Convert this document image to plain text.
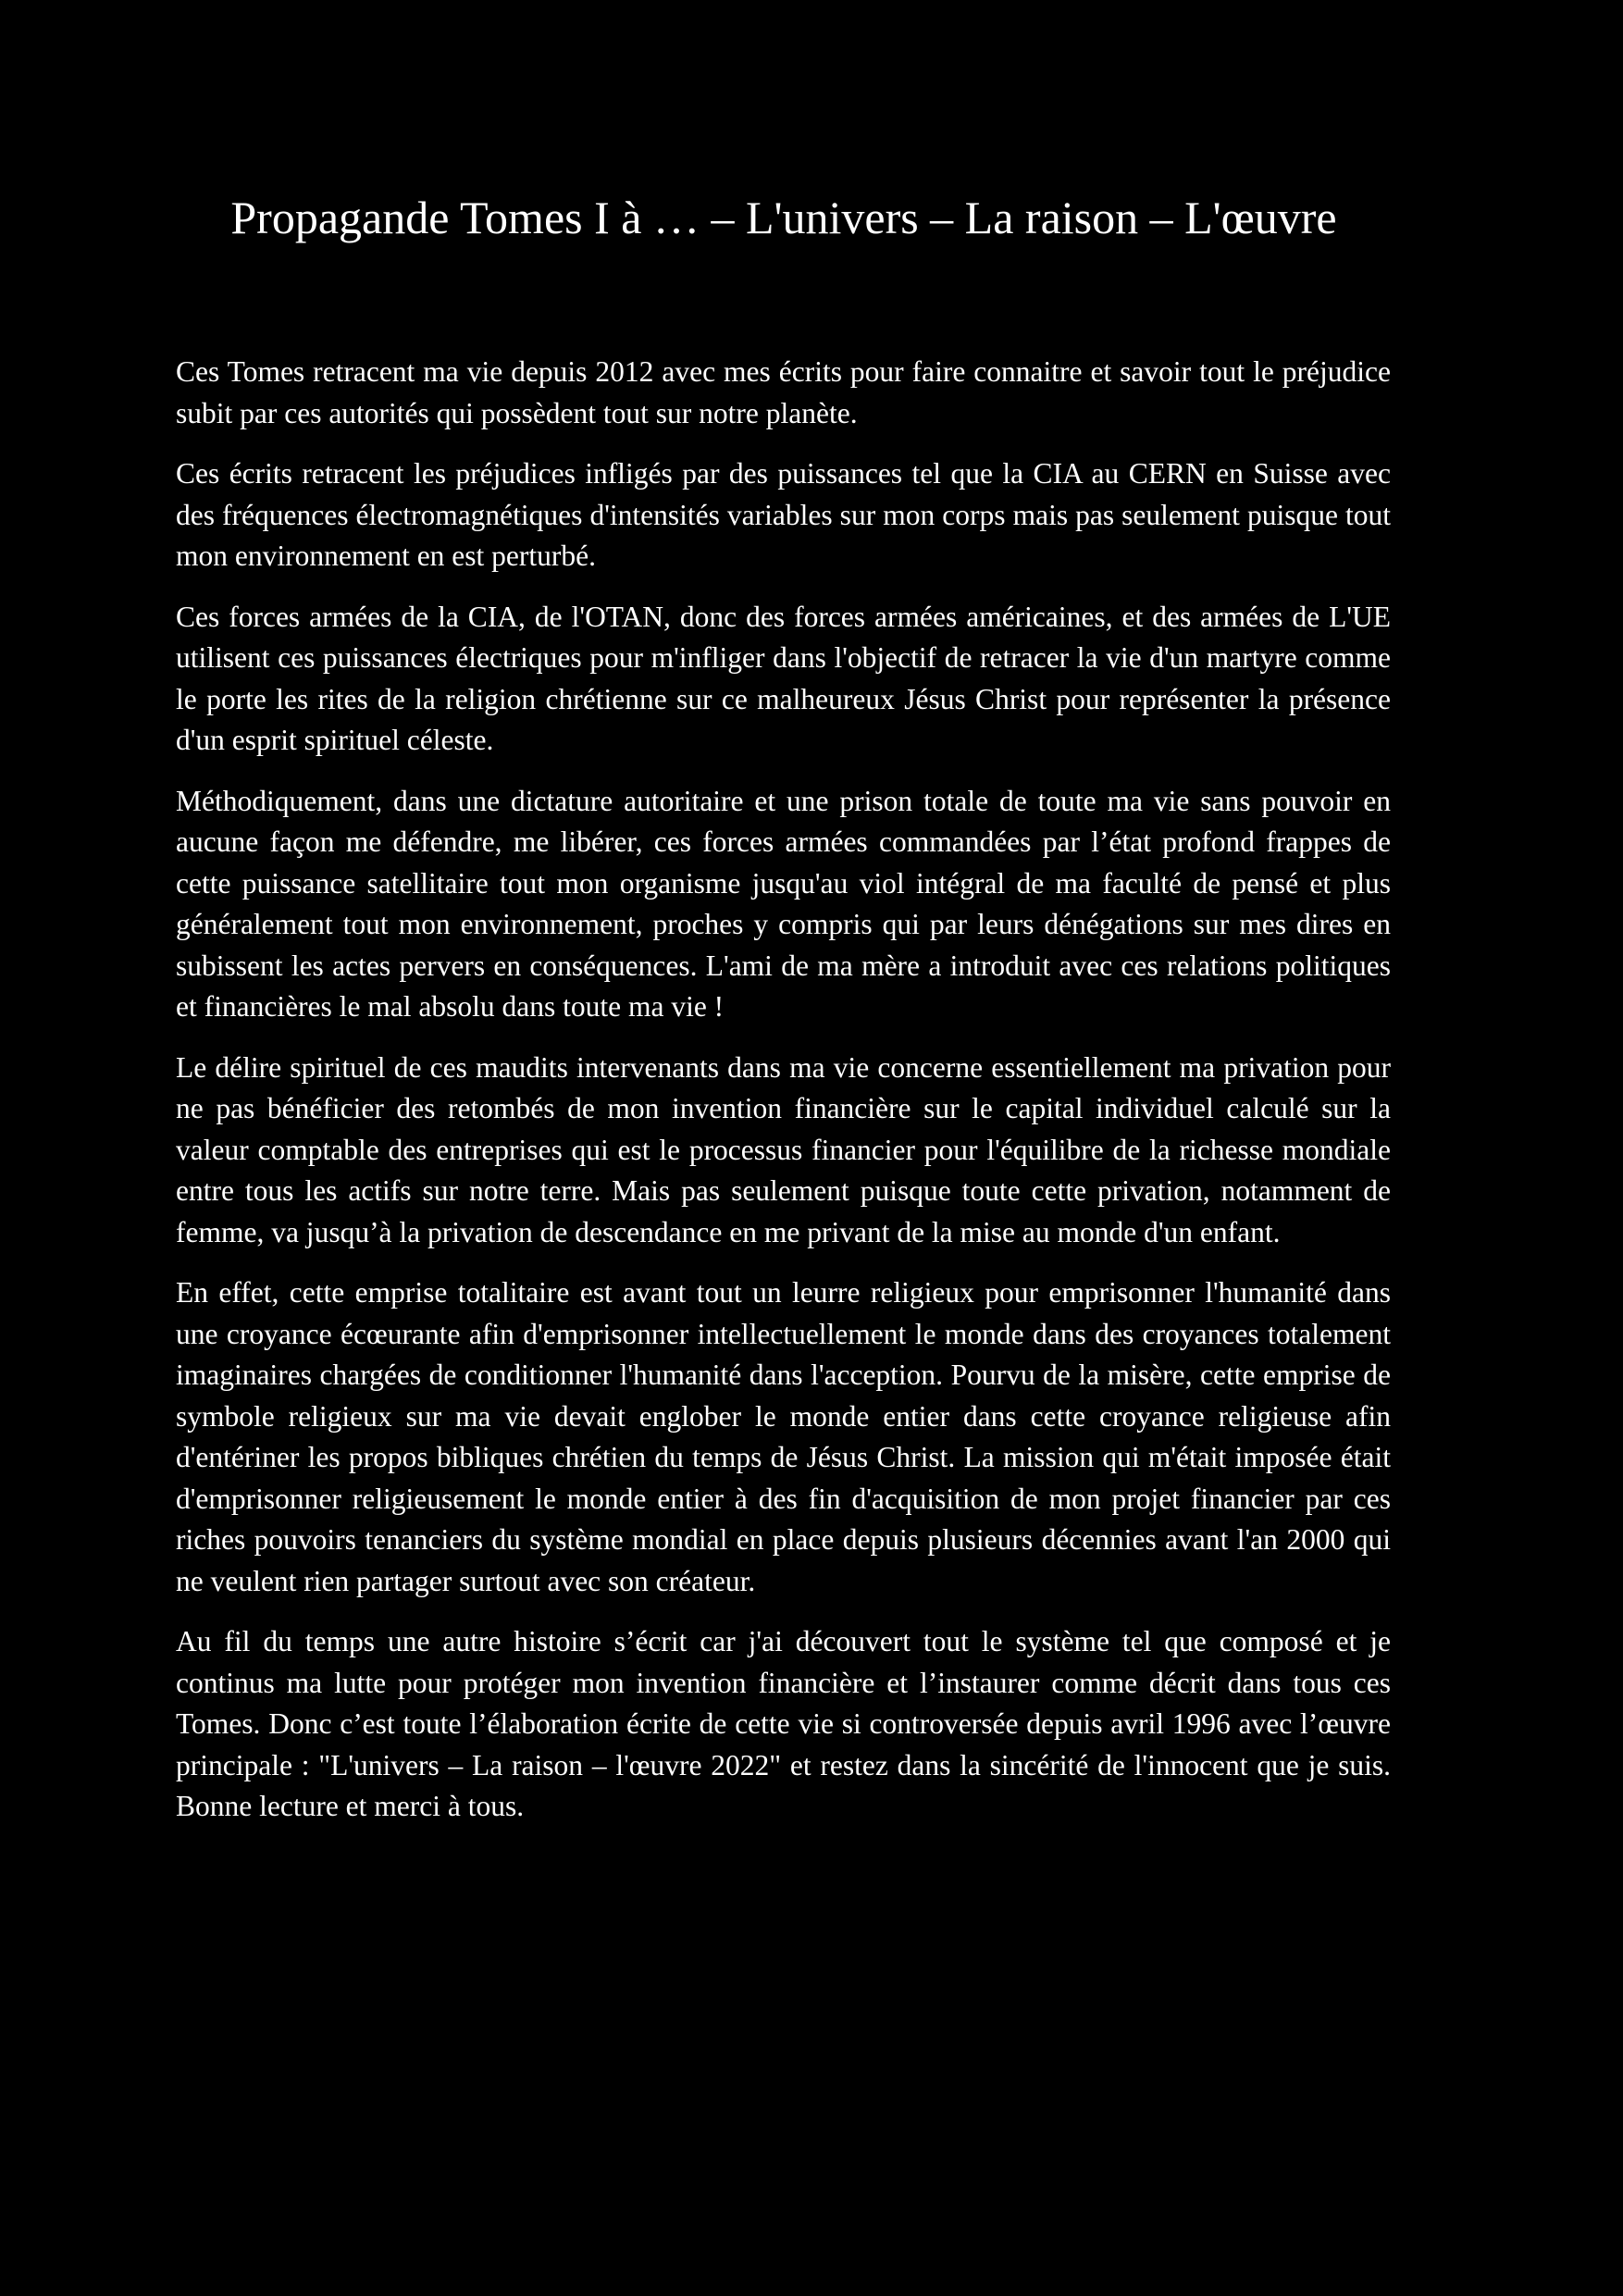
Propagande Tomes I à … – L'univers – La raison – L'œuvre

Ces Tomes retracent ma vie depuis 2012 avec mes écrits pour faire connaitre et savoir tout le préjudice subit par ces autorités qui possèdent tout sur notre planète.

Ces écrits retracent les préjudices infligés par des puissances tel que la CIA au CERN en Suisse avec des fréquences électromagnétiques d'intensités variables sur mon corps mais pas seulement puisque tout mon environnement en est perturbé.

Ces forces armées de la CIA, de l'OTAN, donc des forces armées américaines, et des armées de L'UE utilisent ces puissances électriques pour m'infliger dans l'objectif de retracer la vie d'un martyre comme le porte les rites de la religion chrétienne sur ce malheureux Jésus Christ pour représenter la présence d'un esprit spirituel céleste.

Méthodiquement, dans une dictature autoritaire et une prison totale de toute ma vie sans pouvoir en aucune façon me défendre, me libérer, ces forces armées commandées par l’état profond frappes de cette puissance satellitaire tout mon organisme jusqu'au viol intégral de ma faculté de pensé et plus généralement tout mon environnement, proches y compris qui par leurs dénégations sur mes dires en subissent les actes pervers en conséquences. L'ami de ma mère a introduit avec ces relations politiques et financières le mal absolu dans toute ma vie !

Le délire spirituel de ces maudits intervenants dans ma vie concerne essentiellement ma privation pour ne pas bénéficier des retombés de mon invention financière sur le capital individuel calculé sur la valeur comptable des entreprises qui est le processus financier pour l'équilibre de la richesse mondiale entre tous les actifs sur notre terre. Mais pas seulement puisque toute cette privation, notamment de femme, va jusqu’à la privation de descendance en me privant de la mise au monde d'un enfant.

En effet, cette emprise totalitaire est avant tout un leurre religieux pour emprisonner l'humanité dans une croyance écœurante afin d'emprisonner intellectuellement le monde dans des croyances totalement imaginaires chargées de conditionner l'humanité dans l'acception. Pourvu de la misère, cette emprise de symbole religieux sur ma vie devait englober le monde entier dans cette croyance religieuse afin d'entériner les propos bibliques chrétien du temps de Jésus Christ. La mission qui m'était imposée était d'emprisonner religieusement le monde entier à des fin d'acquisition de mon projet financier par ces riches pouvoirs tenanciers du système mondial en place depuis plusieurs décennies avant l'an 2000 qui ne veulent rien partager surtout avec son créateur.

Au fil du temps une autre histoire s’écrit car j'ai découvert tout le système tel que composé et je continus ma lutte pour protéger mon invention financière et l’instaurer comme décrit dans tous ces Tomes. Donc c’est toute l’élaboration écrite de cette vie si controversée depuis avril 1996 avec l’œuvre principale : "L'univers – La raison – l'œuvre 2022" et restez dans la sincérité de l'innocent que je suis. Bonne lecture et merci à tous.
